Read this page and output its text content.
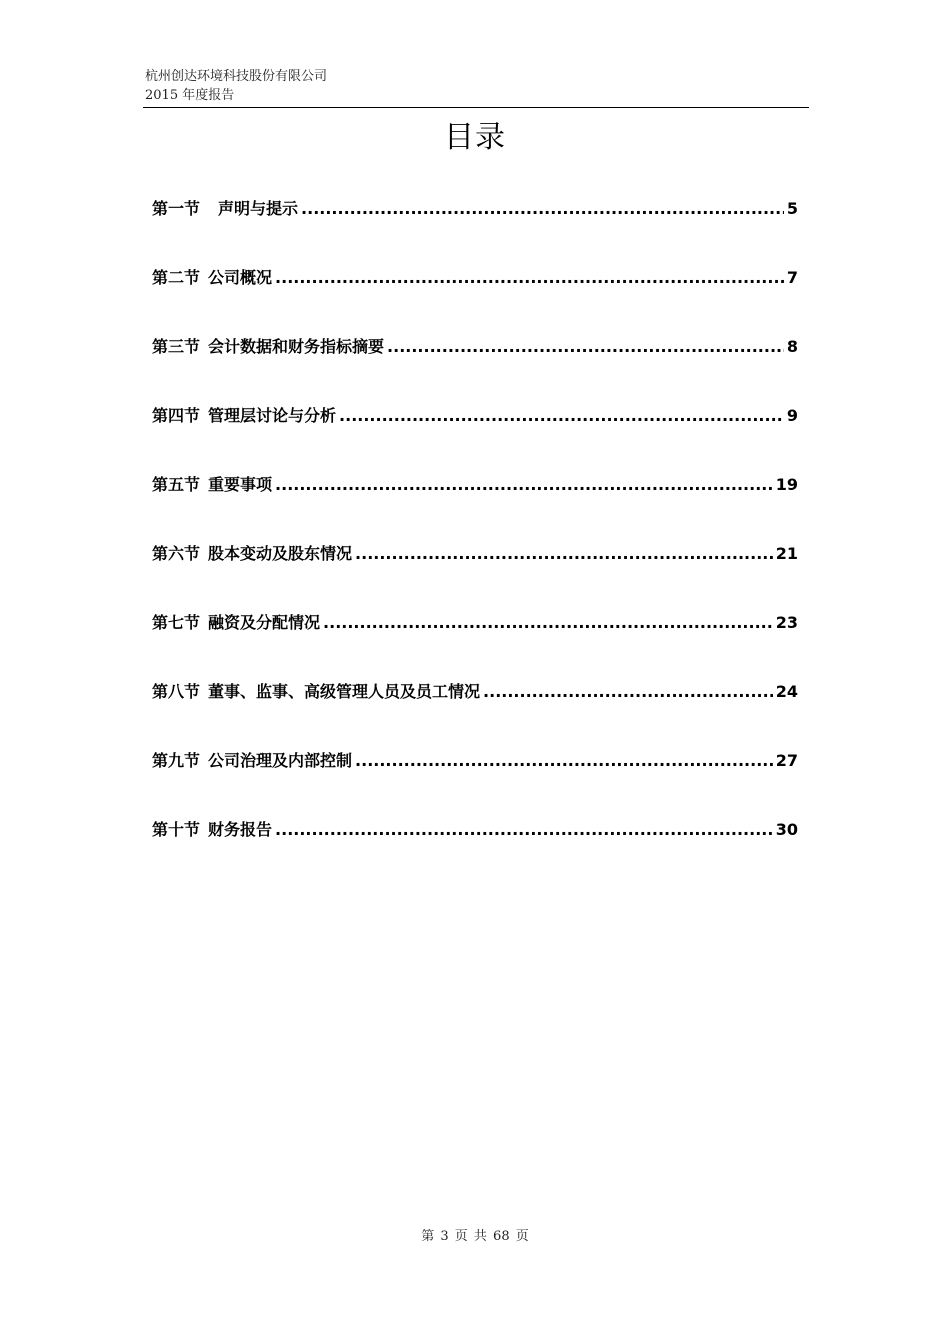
杭州创达环境科技股份有限公司
2015 年度报告
目录
第一节	声明与提示 .....	5
第二节 公司概况 .....	7
第三节 会计数据和财务指标摘要 .....	8
第四节 管理层讨论与分析 .....	9
第五节 重要事项 .....	19
第六节 股本变动及股东情况 .....	21
第七节 融资及分配情况 .....	23
第八节 董事、监事、高级管理人员及员工情况 .....	24
第九节 公司治理及内部控制 .....	27
第十节 财务报告 .....	30
第 3 页 共 68 页
